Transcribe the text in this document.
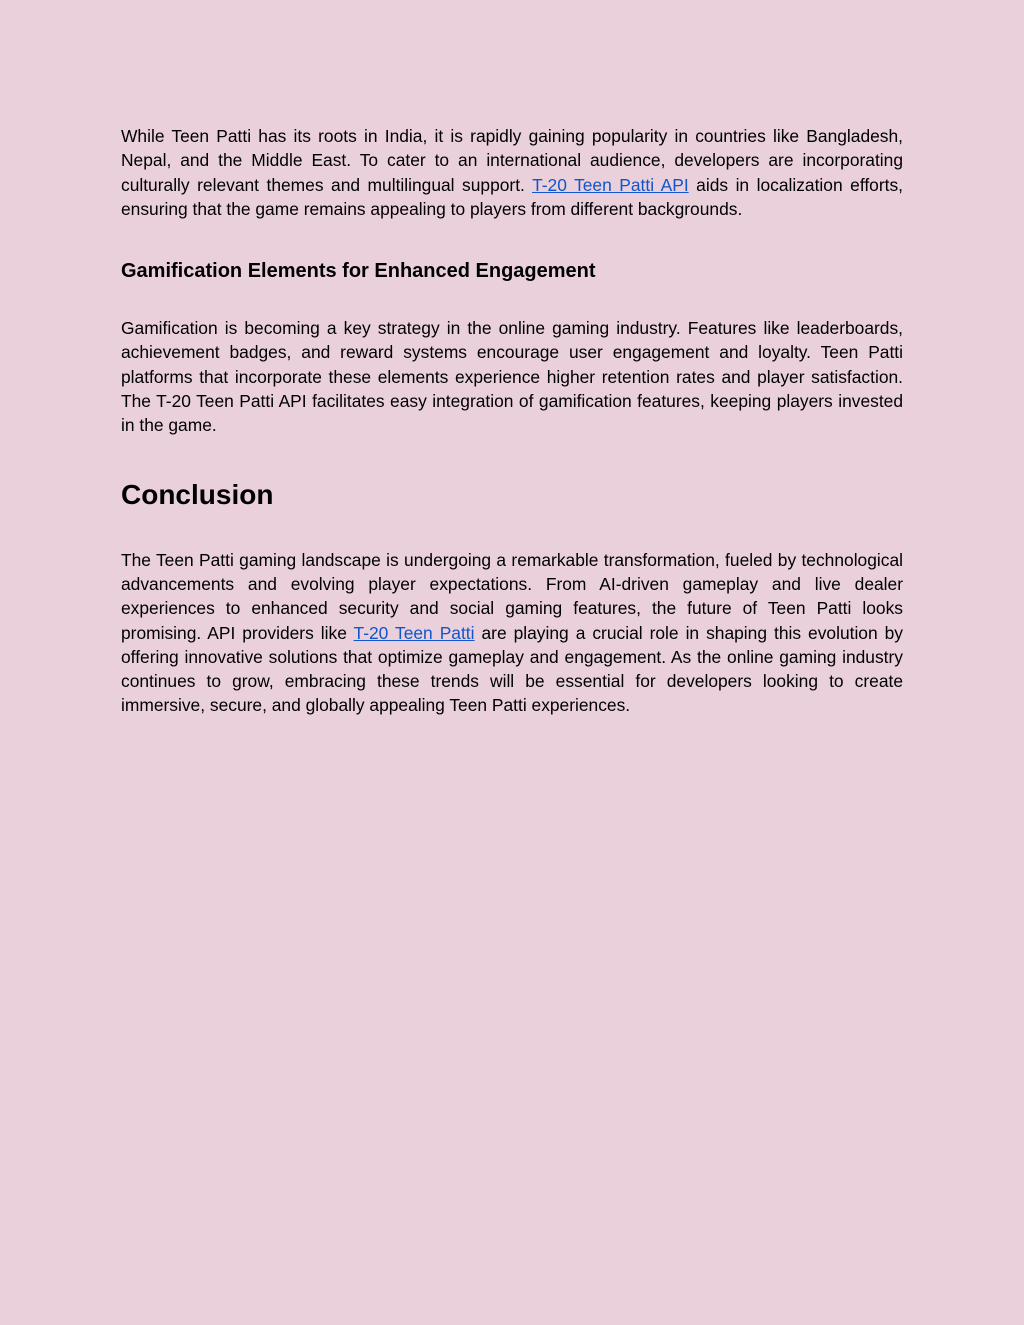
While Teen Patti has its roots in India, it is rapidly gaining popularity in countries like Bangladesh, Nepal, and the Middle East. To cater to an international audience, developers are incorporating culturally relevant themes and multilingual support. T-20 Teen Patti API aids in localization efforts, ensuring that the game remains appealing to players from different backgrounds.

Gamification Elements for Enhanced Engagement

Gamification is becoming a key strategy in the online gaming industry. Features like leaderboards, achievement badges, and reward systems encourage user engagement and loyalty. Teen Patti platforms that incorporate these elements experience higher retention rates and player satisfaction. The T-20 Teen Patti API facilitates easy integration of gamification features, keeping players invested in the game.

Conclusion

The Teen Patti gaming landscape is undergoing a remarkable transformation, fueled by technological advancements and evolving player expectations. From AI-driven gameplay and live dealer experiences to enhanced security and social gaming features, the future of Teen Patti looks promising. API providers like T-20 Teen Patti are playing a crucial role in shaping this evolution by offering innovative solutions that optimize gameplay and engagement. As the online gaming industry continues to grow, embracing these trends will be essential for developers looking to create immersive, secure, and globally appealing Teen Patti experiences.
